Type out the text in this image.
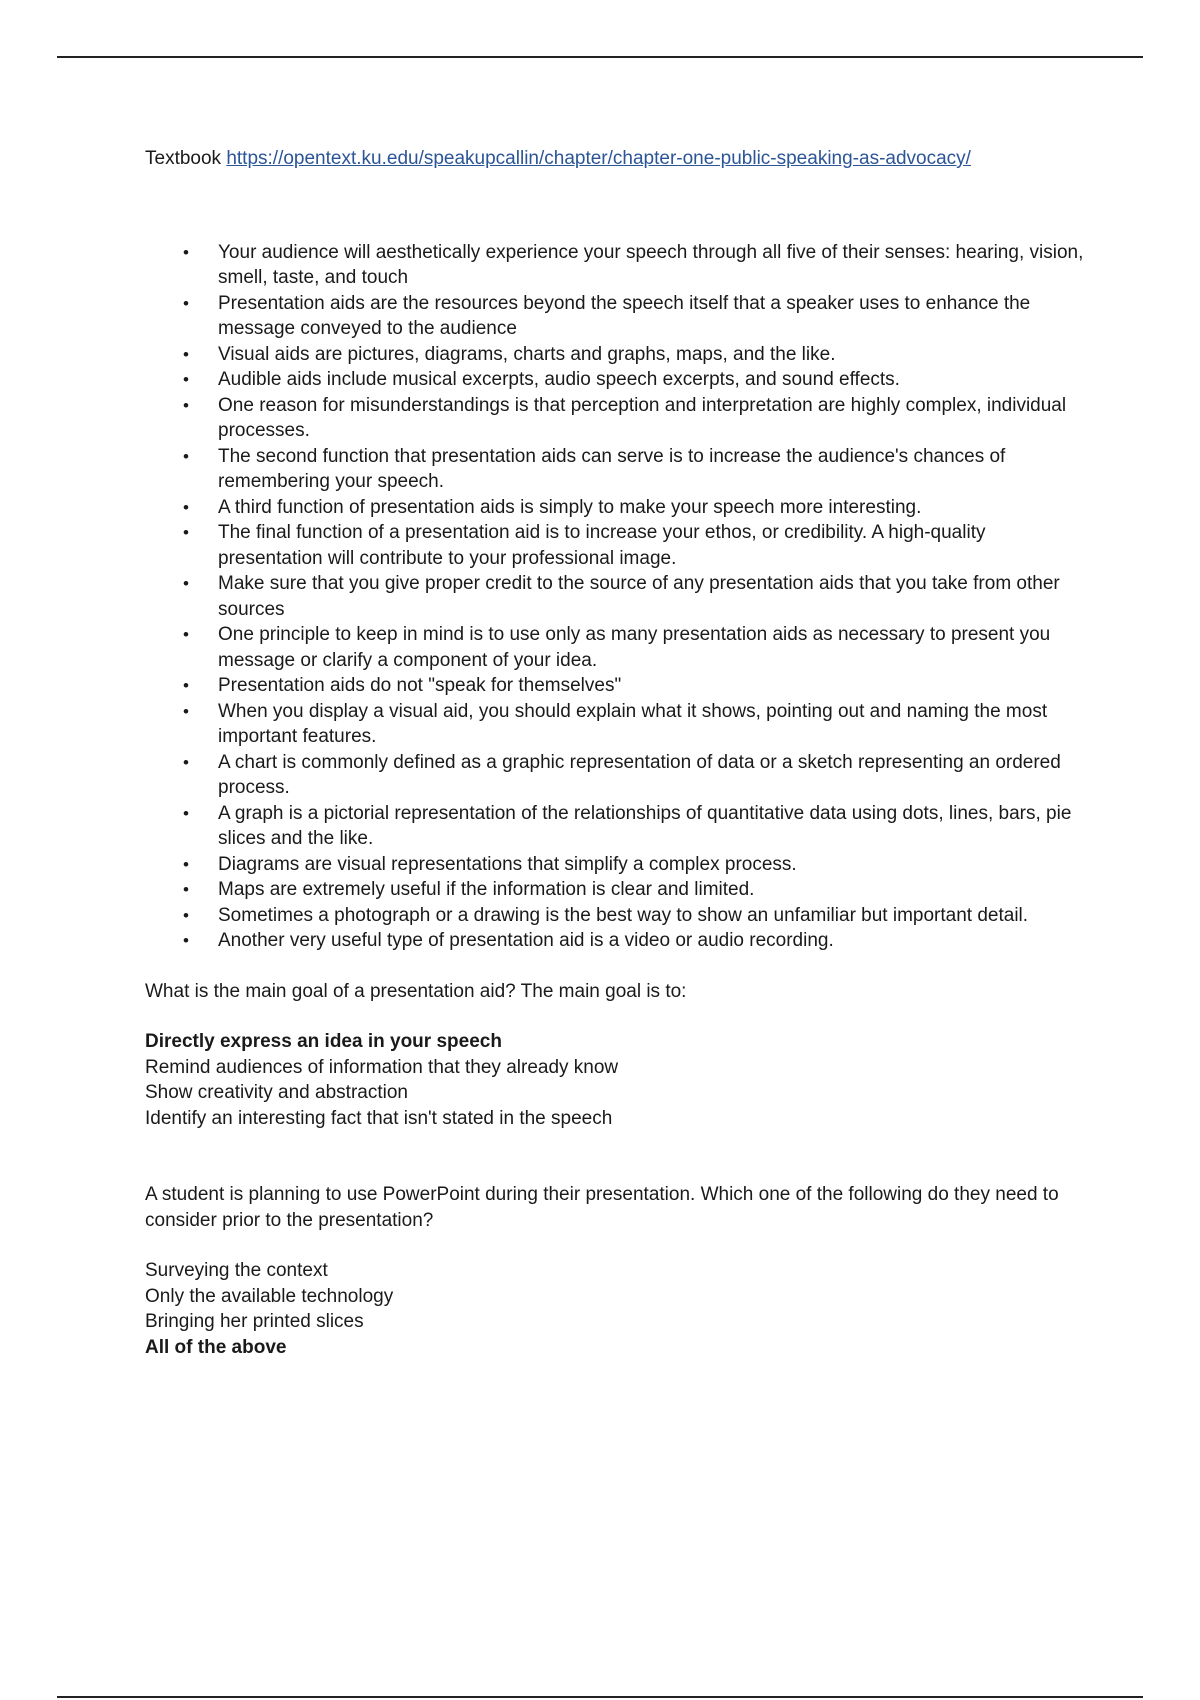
Textbook https://opentext.ku.edu/speakupcallin/chapter/chapter-one-public-speaking-as-advocacy/

• Your audience will aesthetically experience your speech through all five of their senses: hearing, vision, smell, taste, and touch
• Presentation aids are the resources beyond the speech itself that a speaker uses to enhance the message conveyed to the audience
• Visual aids are pictures, diagrams, charts and graphs, maps, and the like.
• Audible aids include musical excerpts, audio speech excerpts, and sound effects.
• One reason for misunderstandings is that perception and interpretation are highly complex, individual processes.
• The second function that presentation aids can serve is to increase the audience's chances of remembering your speech.
• A third function of presentation aids is simply to make your speech more interesting.
• The final function of a presentation aid is to increase your ethos, or credibility. A high-quality presentation will contribute to your professional image.
• Make sure that you give proper credit to the source of any presentation aids that you take from other sources
• One principle to keep in mind is to use only as many presentation aids as necessary to present you message or clarify a component of your idea.
• Presentation aids do not "speak for themselves"
• When you display a visual aid, you should explain what it shows, pointing out and naming the most important features.
• A chart is commonly defined as a graphic representation of data or a sketch representing an ordered process.
• A graph is a pictorial representation of the relationships of quantitative data using dots, lines, bars, pie slices and the like.
• Diagrams are visual representations that simplify a complex process.
• Maps are extremely useful if the information is clear and limited.
• Sometimes a photograph or a drawing is the best way to show an unfamiliar but important detail.
• Another very useful type of presentation aid is a video or audio recording.

What is the main goal of a presentation aid? The main goal is to:

Directly express an idea in your speech
Remind audiences of information that they already know
Show creativity and abstraction
Identify an interesting fact that isn't stated in the speech

A student is planning to use PowerPoint during their presentation. Which one of the following do they need to consider prior to the presentation?

Surveying the context
Only the available technology
Bringing her printed slices
All of the above
